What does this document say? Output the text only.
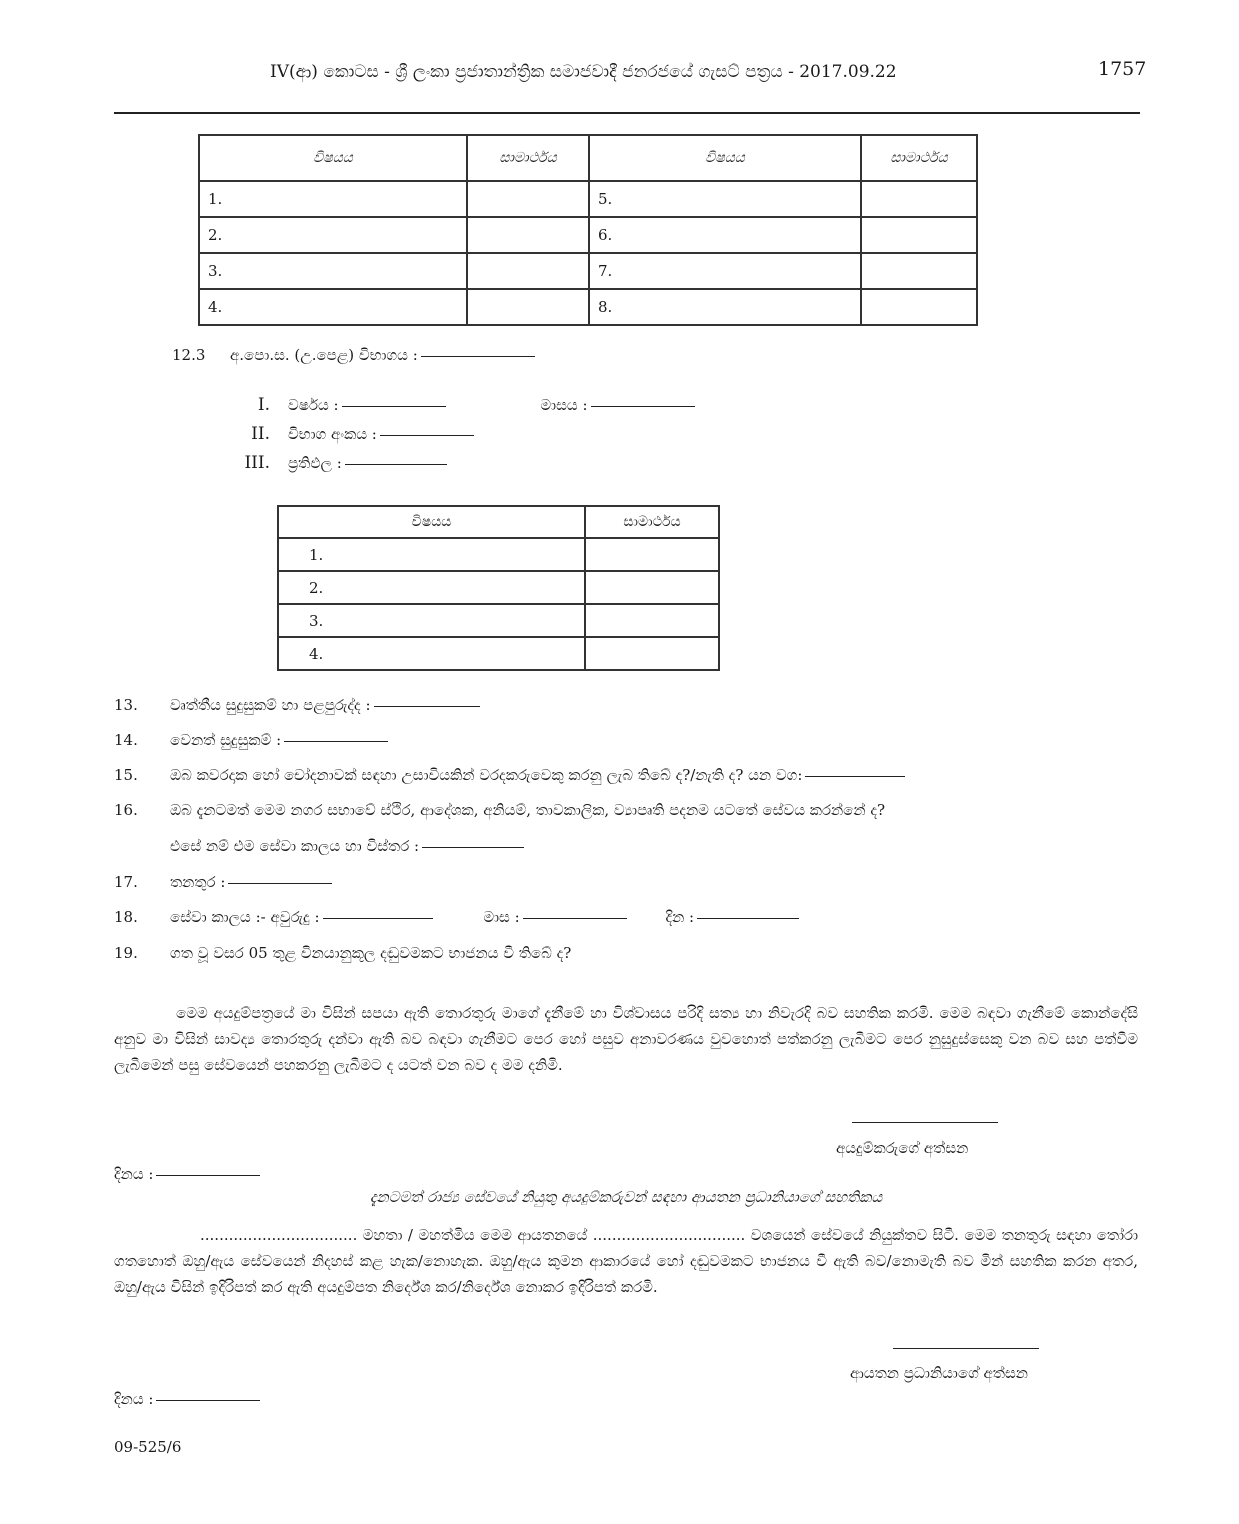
IV(ආ) කොටස - ශ්‍රී ලංකා ප්‍රජාතාන්ත්‍රික සමාජවාදී ජනරජයේ ගැසට් පත්‍රය - 2017.09.22	1757
විෂයය	සාමාර්ථය	විෂයය	සාමාර්ථය
1.		5.	
2.		6.	
3.		7.	
4.		8.	
12.3 අ.පො.ස. (උ.පෙළ) විභාගය :
I. වර්ෂය :	මාසය :
II. විභාග අංකය :
III. ප්‍රතිඵල :
විෂයය	සාමාර්ථය
1.	
2.	
3.	
4.	
13. වෘත්තීය සුදුසුකම් හා පළපුරුද්ද :
14. වෙනත් සුදුසුකම් :
15. ඔබ කවරදාක හෝ චෝදනාවක් සඳහා උසාවියකින් වරදකරුවෙකු කරනු ලැබ තිබේ ද?/නැති ද? යන වග:
16. ඔබ දැනටමත් මෙම නගර සභාවේ ස්ථිර, ආදේශක, අනියම්, තාවකාලික, ව්‍යාපෘති පදනම යටතේ සේවය කරන්නේ ද?
එසේ නම් එම සේවා කාලය හා විස්තර :
17. තනතුර :
18. සේවා කාලය :- අවුරුදු :	මාස :	දින :
19. ගත වූ වසර 05 තුළ විනයානුකූල දඬුවමකට භාජනය වී තිබේ ද?
මෙම අයදුම්පත්‍රයේ මා විසින් සපයා ඇති තොරතුරු මාගේ දැනීමේ හා විශ්වාසය පරිදි සත්‍ය හා නිවැරදි බව සහතික කරමි. මෙම බඳවා ගැනීමේ කොන්දේසි අනුව මා විසින් සාවද්‍ය තොරතුරු දන්වා ඇති බව බඳවා ගැනීමට පෙර හෝ පසුව අනාවරණය වුවහොත් පත්කරනු ලැබීමට පෙර නුසුදුස්සෙකු වන බව සහ පත්වීම ලැබීමෙන් පසු සේවයෙන් පහකරනු ලැබීමට ද යටත් වන බව ද මම දනිමි.
අයදුම්කරුගේ අත්සන
දිනය :
දැනටමත් රාජ්‍ය සේවයේ නියුතු අයදුම්කරුවන් සඳහා ආයතන ප්‍රධානියාගේ සහතිකය
................................. මහතා / මහත්මිය මෙම ආයතනයේ ................................ වශයෙන් සේවයේ නියුක්තව සිටී. මෙම තනතුරු සඳහා තෝරා ගතහොත් ඔහු/ඇය සේවයෙන් නිදහස් කළ හැක/නොහැක. ඔහු/ඇය කුමන ආකාරයේ හෝ දඬුවමකට භාජනය වී ඇති බව/නොමැති බව මින් සහතික කරන අතර, ඔහු/ඇය විසින් ඉදිරිපත් කර ඇති අයදුම්පත නිර්දේශ කර/නිර්දේශ නොකර ඉදිරිපත් කරමි.
ආයතන ප්‍රධානියාගේ අත්සන
දිනය :
09-525/6
